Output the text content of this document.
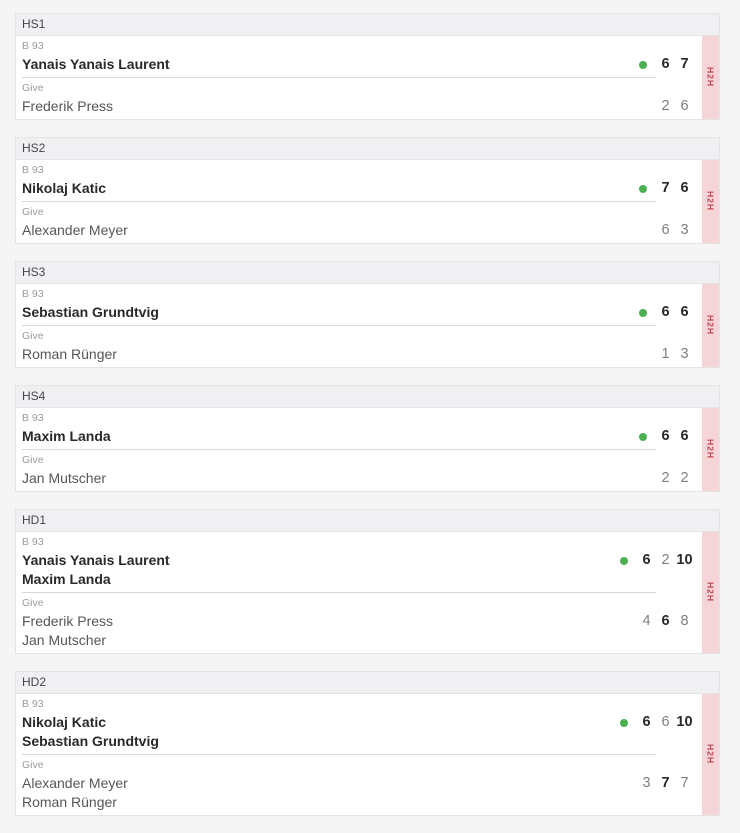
HS1
B 93
Yanais Yanais Laurent	6 7
Give
Frederik Press	2 6
H2H
HS2
B 93
Nikolaj Katic	7 6
Give
Alexander Meyer	6 3
H2H
HS3
B 93
Sebastian Grundtvig	6 6
Give
Roman Rünger	1 3
H2H
HS4
B 93
Maxim Landa	6 6
Give
Jan Mutscher	2 2
H2H
HD1
B 93
Yanais Yanais Laurent
Maxim Landa
6 2 10
Give
Frederik Press
Jan Mutscher
4 6 8
H2H
HD2
B 93
Nikolaj Katic
Sebastian Grundtvig
6 6 10
Give
Alexander Meyer
Roman Rünger
3 7 7
H2H
